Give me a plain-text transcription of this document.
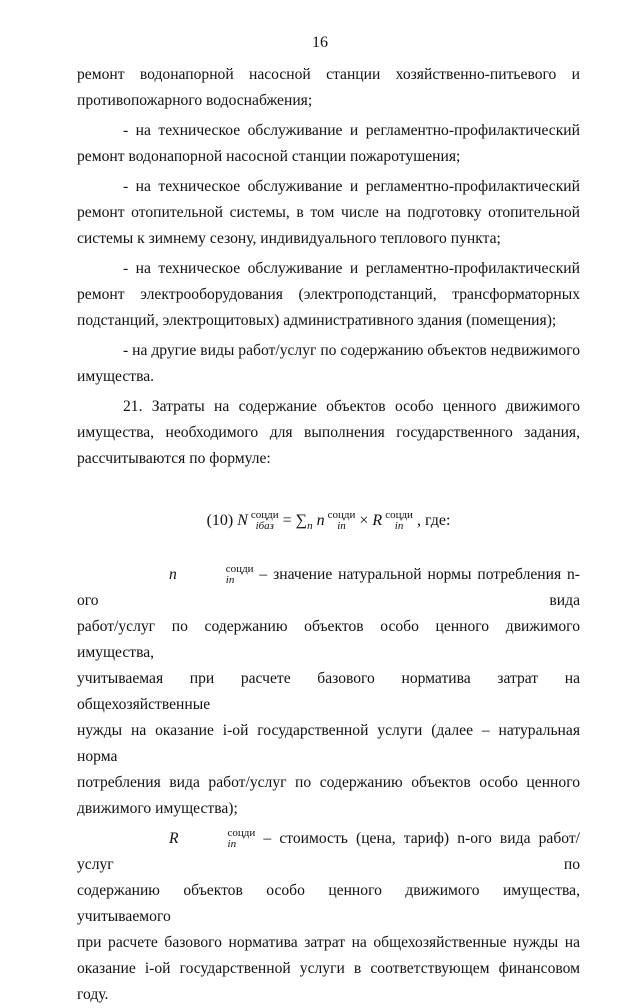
16

ремонт водонапорной насосной станции хозяйственно-питьевого и

противопожарного водоснабжения;

- на техническое обслуживание и регламентно-профилактический

ремонт водонапорной насосной станции пожаротушения;

- на техническое обслуживание и регламентно-профилактический

ремонт отопительной системы, в том числе на подготовку отопительной

системы к зимнему сезону, индивидуального теплового пункта;

- на техническое обслуживание и регламентно-профилактический

ремонт электрооборудования (электроподстанций, трансформаторных

подстанций, электрощитовых) административного здания (помещения);

- на другие виды работ/услуг по содержанию объектов недвижимого

имущества.

21. Затраты на содержание объектов особо ценного движимого

имущества, необходимого для выполнения государственного задания,

рассчитываются по формуле:

(10) N соцди
iбаз = $\sum_n$ n соцди
in × R соцди
in , где:

n	соцди
in	– значение натуральной нормы потребления n-ого вида

работ/услуг по содержанию объектов особо ценного движимого имущества,

учитываемая при расчете базового норматива затрат на общехозяйственные

нужды на оказание i-ой государственной услуги (далее – натуральная норма

потребления вида работ/услуг по содержанию объектов особо ценного

движимого имущества);

R	соцди
in	– стоимость (цена, тариф) n-ого вида работ/услуг по

содержанию объектов особо ценного движимого имущества, учитываемого

при расчете базового норматива затрат на общехозяйственные нужды на

оказание i-ой государственной услуги в соответствующем финансовом году.
